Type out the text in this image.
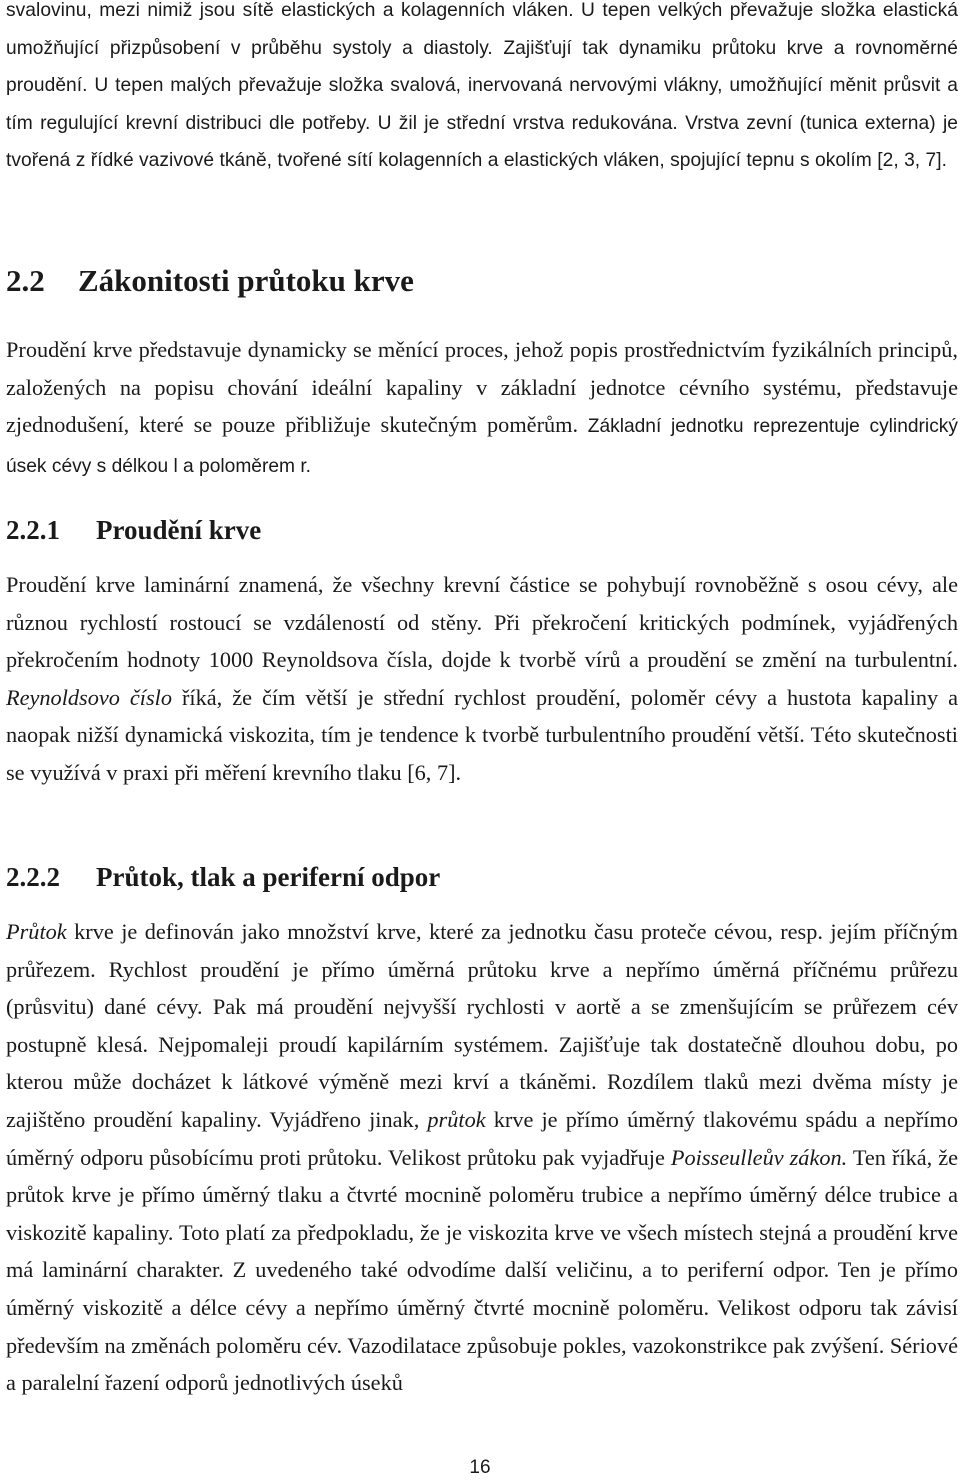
svalovinu, mezi nimiž jsou sítě elastických a kolagenních vláken. U tepen velkých převažuje složka elastická umožňující přizpůsobení v průběhu systoly a diastoly. Zajišťují tak dynamiku průtoku krve a rovnoměrné proudění. U tepen malých převažuje složka svalová, inervovaná nervovými vlákny, umožňující měnit průsvit a tím regulující krevní distribuci dle potřeby. U žil je střední vrstva redukována. Vrstva zevní (tunica externa) je tvořená z řídké vazivové tkáně, tvořené sítí kolagenních a elastických vláken, spojující tepnu s okolím [2, 3, 7].

2.2 Zákonitosti průtoku krve

Proudění krve představuje dynamicky se měnící proces, jehož popis prostřednictvím fyzikálních principů, založených na popisu chování ideální kapaliny v základní jednotce cévního systému, představuje zjednodušení, které se pouze přibližuje skutečným poměrům. Základní jednotku reprezentuje cylindrický úsek cévy s délkou l a poloměrem r.

2.2.1 Proudění krve

Proudění krve laminární znamená, že všechny krevní částice se pohybují rovnoběžně s osou cévy, ale různou rychlostí rostoucí se vzdáleností od stěny. Při překročení kritických podmínek, vyjádřených překročením hodnoty 1000 Reynoldsova čísla, dojde k tvorbě vírů a proudění se změní na turbulentní. Reynoldsovo číslo říká, že čím větší je střední rychlost proudění, poloměr cévy a hustota kapaliny a naopak nižší dynamická viskozita, tím je tendence k tvorbě turbulentního proudění větší. Této skutečnosti se využívá v praxi při měření krevního tlaku [6, 7].

2.2.2 Průtok, tlak a periferní odpor

Průtok krve je definován jako množství krve, které za jednotku času proteče cévou, resp. jejím příčným průřezem. Rychlost proudění je přímo úměrná průtoku krve a nepřímo úměrná příčnému průřezu (průsvitu) dané cévy. Pak má proudění nejvyšší rychlosti v aortě a se zmenšujícím se průřezem cév postupně klesá. Nejpomaleji proudí kapilárním systémem. Zajišťuje tak dostatečně dlouhou dobu, po kterou může docházet k látkové výměně mezi krví a tkáněmi. Rozdílem tlaků mezi dvěma místy je zajištěno proudění kapaliny. Vyjádřeno jinak, průtok krve je přímo úměrný tlakovému spádu a nepřímo úměrný odporu působícímu proti průtoku. Velikost průtoku pak vyjadřuje Poisseulleův zákon. Ten říká, že průtok krve je přímo úměrný tlaku a čtvrté mocnině poloměru trubice a nepřímo úměrný délce trubice a viskozitě kapaliny. Toto platí za předpokladu, že je viskozita krve ve všech místech stejná a proudění krve má laminární charakter. Z uvedeného také odvodíme další veličinu, a to periferní odpor. Ten je přímo úměrný viskozitě a délce cévy a nepřímo úměrný čtvrté mocnině poloměru. Velikost odporu tak závisí především na změnách poloměru cév. Vazodilatace způsobuje pokles, vazokonstrikce pak zvýšení. Sériové a paralelní řazení odporů jednotlivých úseků

16
